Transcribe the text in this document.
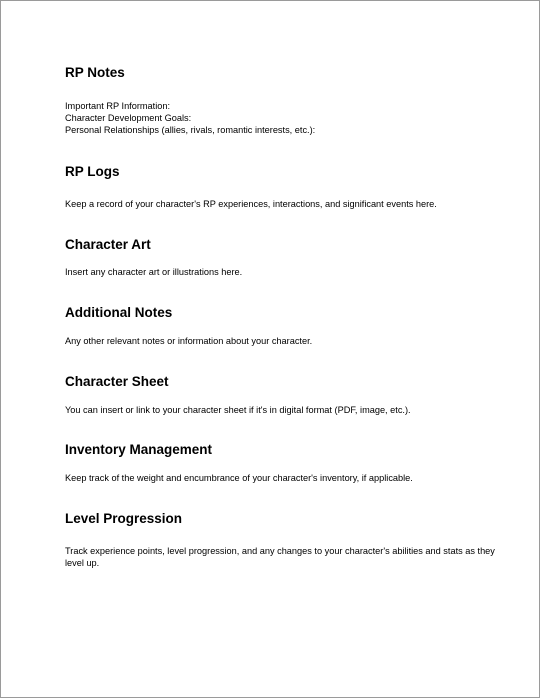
RP Notes
Important RP Information:
Character Development Goals:
Personal Relationships (allies, rivals, romantic interests, etc.):
RP Logs

Keep a record of your character's RP experiences, interactions, and significant events here.

Character Art

Insert any character art or illustrations here.

Additional Notes

Any other relevant notes or information about your character.

Character Sheet

You can insert or link to your character sheet if it's in digital format (PDF, image, etc.).

Inventory Management

Keep track of the weight and encumbrance of your character's inventory, if applicable.

Level Progression

Track experience points, level progression, and any changes to your character's abilities and stats as they level up.
